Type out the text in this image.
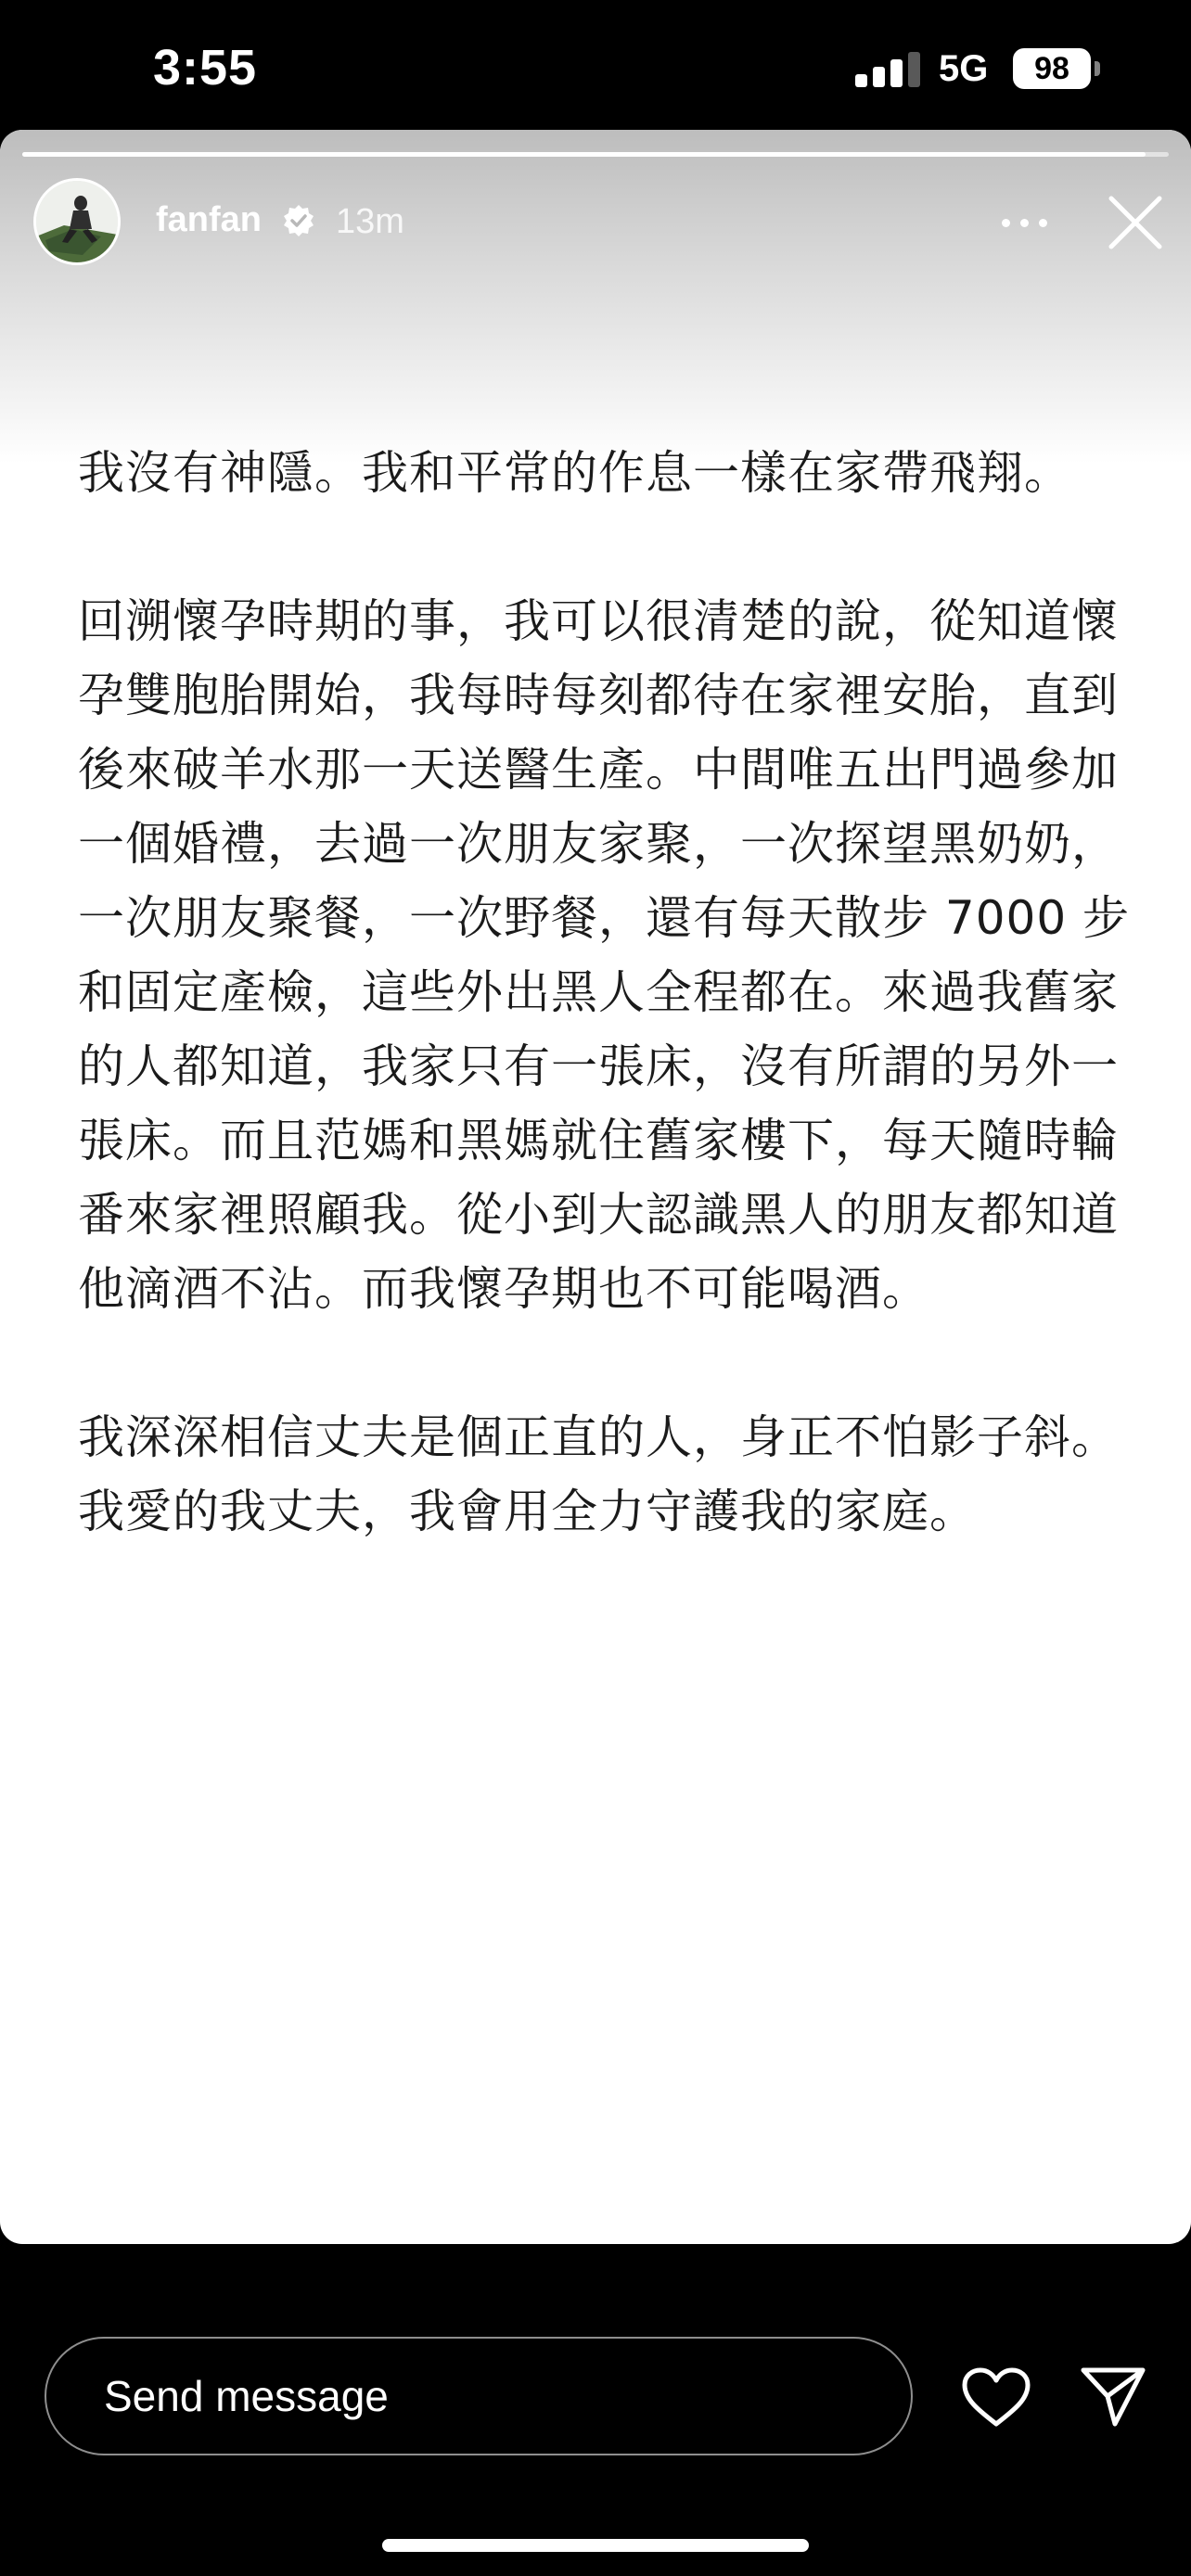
3:55	5G	98
fanfan 13m

我沒有神隱。我和平常的作息一樣在家帶飛翔。

回溯懷孕時期的事，我可以很清楚的說，從知道懷孕雙胞胎開始，我每時每刻都待在家裡安胎，直到後來破羊水那一天送醫生產。中間唯五出門過參加一個婚禮，去過一次朋友家聚，一次探望黑奶奶，一次朋友聚餐，一次野餐，還有每天散步 7000 步和固定產檢，這些外出黑人全程都在。來過我舊家的人都知道，我家只有一張床，沒有所謂的另外一張床。而且范媽和黑媽就住舊家樓下，每天隨時輪番來家裡照顧我。從小到大認識黑人的朋友都知道他滴酒不沾。而我懷孕期也不可能喝酒。

我深深相信丈夫是個正直的人，身正不怕影子斜。我愛的我丈夫，我會用全力守護我的家庭。

Send message
